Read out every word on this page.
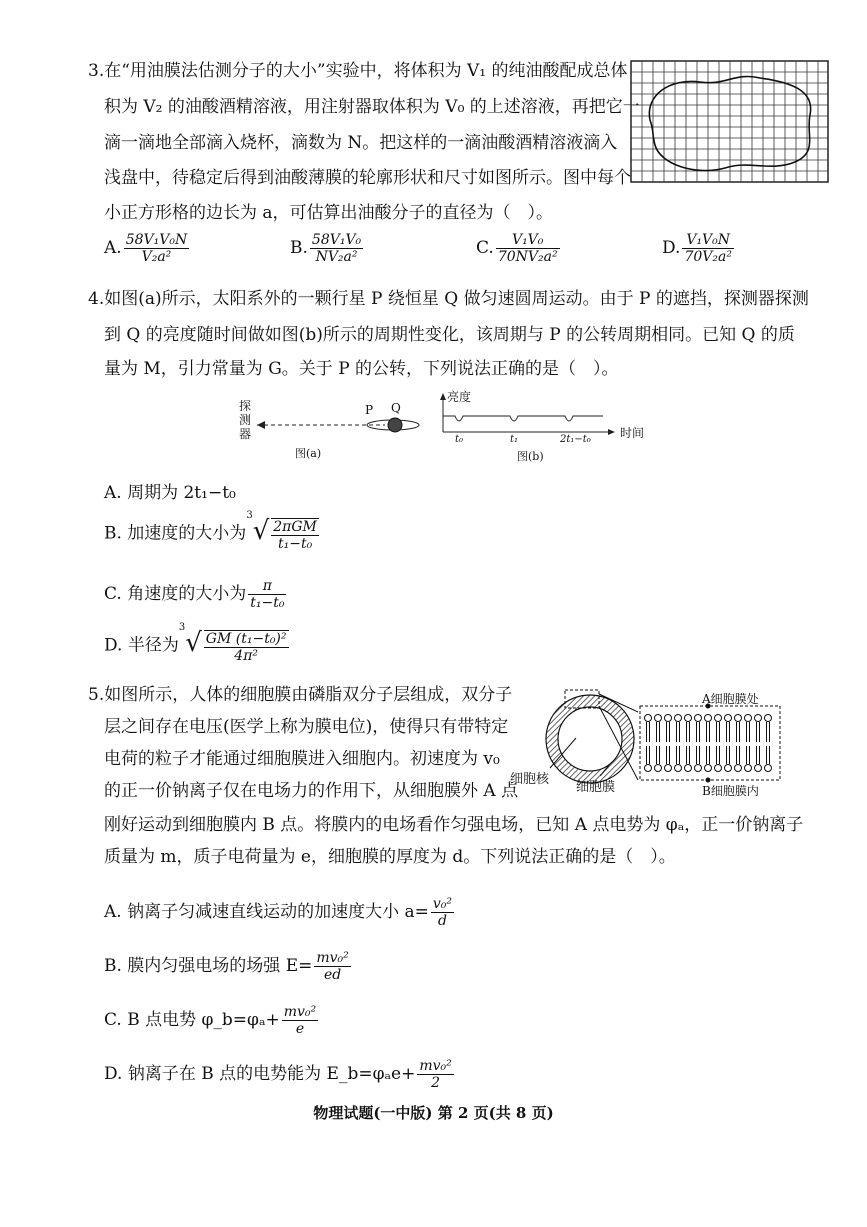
3.在“用油膜法估测分子的大小”实验中，将体积为 V₁ 的纯油酸配成总体
积为 V₂ 的油酸酒精溶液，用注射器取体积为 V₀ 的上述溶液，再把它一
滴一滴地全部滴入烧杯，滴数为 N。把这样的一滴油酸酒精溶液滴入
浅盘中，待稳定后得到油酸薄膜的轮廓形状和尺寸如图所示。图中每个
小正方形格的边长为 a，可估算出油酸分子的直径为（　）。
A. $\frac{\text{58V₁V₀N}}{\text{V₂a²}}$	B. $\frac{\text{58V₁V₀}}{\text{NV₂a²}}$	C. $\frac{\text{V₁V₀}}{\text{70NV₂a²}}$	D. $\frac{\text{V₁V₀N}}{\text{70V₂a²}}$
4.如图(a)所示，太阳系外的一颗行星 P 绕恒星 Q 做匀速圆周运动。由于 P 的遮挡，探测器探测
到 Q 的亮度随时间做如图(b)所示的周期性变化，该周期与 P 的公转周期相同。已知 Q 的质
量为 M，引力常量为 G。关于 P 的公转，下列说法正确的是（　）。
探测器
P Q
图(a)
亮度
时间
t₀	t₁	2t₁−t₀
图(b)
A. 周期为 2t₁−t₀
B. 加速度的大小为$^3√ \frac{\text{2πGM}}{\text{t₁−t₀}}$
C. 角速度的大小为 $\frac{\pi}{\text{t₁−t₀}}$
D. 半径为$^3√ \frac{\text{GM (t₁−t₀)²}}{\text{4π²}}$
5.如图所示，人体的细胞膜由磷脂双分子层组成，双分子
层之间存在电压(医学上称为膜电位)，使得只有带特定
电荷的粒子才能通过细胞膜进入细胞内。初速度为 v₀
的正一价钠离子仅在电场力的作用下，从细胞膜外 A 点
刚好运动到细胞膜内 B 点。将膜内的电场看作匀强电场，已知 A 点电势为 φₐ，正一价钠离子
质量为 m，质子电荷量为 e，细胞膜的厚度为 d。下列说法正确的是（　）。
A细胞膜处
B细胞膜内
细胞核
细胞膜
A. 钠离子匀减速直线运动的加速度大小 $a= \frac{\text{v₀²}}{d}$
B. 膜内匀强电场的场强 $E= \frac{\text{mv₀²}}{ed}$
C. B 点电势 φ_b=φₐ+ $\frac{\text{mv₀²}}{e}$
D. 钠离子在 B 点的电势能为 E_b=φₐe+ $\frac{\text{mv₀²}}{2}$
物理试题(一中版) 第 2 页(共 8 页)
